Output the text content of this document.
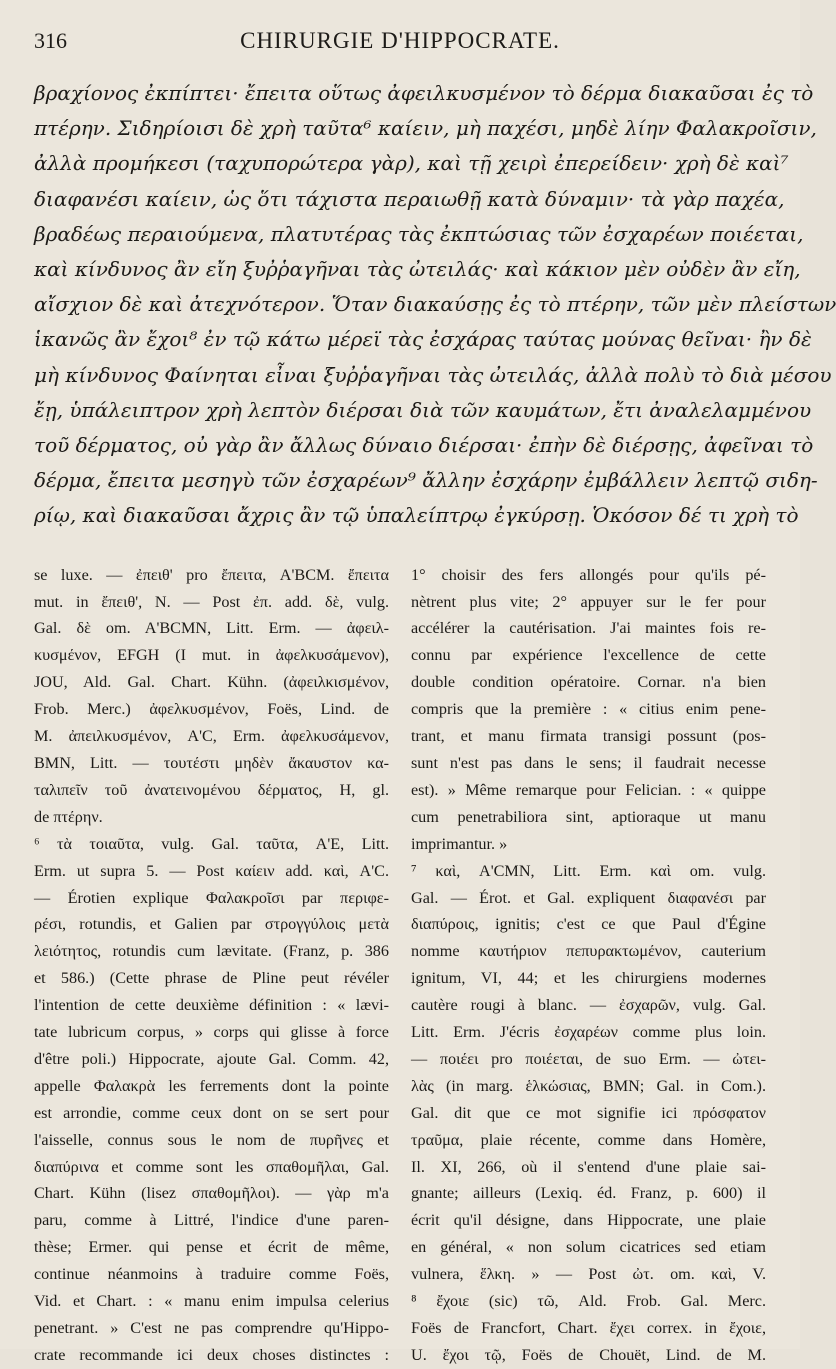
316	CHIRURGIE D'HIPPOCRATE.
βραχίονος ἐκπίπτει· ἔπειτα οὕτως ἀφειλκυσμένον τὸ δέρμα διακαῦσαι ἐς τὸ
πτέρην. Σιδηρίοισι δὲ χρὴ ταῦτα⁶ καίειν, μὴ παχέσι, μηδὲ λίην Φαλακροῖσιν,
ἀλλὰ προμήκεσι (ταχυπορώτερα γὰρ), καὶ τῇ χειρὶ ἐπερείδειν· χρὴ δὲ καὶ⁷
διαφανέσι καίειν, ὡς ὅτι τάχιστα περαιωθῇ κατὰ δύναμιν· τὰ γὰρ παχέα,
βραδέως περαιούμενα, πλατυτέρας τὰς ἐκπτώσιας τῶν ἐσχαρέων ποιέεται,
καὶ κίνδυνος ἂν εἴη ξυῤῥαγῆναι τὰς ὠτειλάς· καὶ κάκιον μὲν οὐδὲν ἂν εἴη,
αἴσχιον δὲ καὶ ἀτεχνότερον. Ὅταν διακαύσῃς ἐς τὸ πτέρην, τῶν μὲν πλείστων
ἱκανῶς ἂν ἔχοι⁸ ἐν τῷ κάτω μέρεϊ τὰς ἐσχάρας ταύτας μούνας θεῖναι· ἢν δὲ
μὴ κίνδυνος Φαίνηται εἶναι ξυῤῥαγῆναι τὰς ὠτειλάς, ἀλλὰ πολὺ τὸ διὰ μέσου
ἔῃ, ὑπάλειπτρον χρὴ λεπτὸν διέρσαι διὰ τῶν καυμάτων, ἔτι ἀναλελαμμένου
τοῦ δέρματος, οὐ γὰρ ἂν ἄλλως δύναιο διέρσαι· ἐπὴν δὲ διέρσῃς, ἀφεῖναι τὸ
δέρμα, ἔπειτα μεσηγὺ τῶν ἐσχαρέων⁹ ἄλλην ἐσχάρην ἐμβάλλειν λεπτῷ σιδη-
ρίῳ, καὶ διακαῦσαι ἄχρις ἂν τῷ ὑπαλείπτρῳ ἐγκύρσῃ. Ὁκόσον δέ τι χρὴ τὸ
se luxe. — ἐπειθ' pro ἔπειτα, A'BCM. ἔπειτα
mut. in ἔπειθ', N. — Post ἐπ. add. δὲ, vulg.
Gal. δὲ om. A'BCMN, Litt. Erm. — ἀφειλ-
κυσμένον, EFGH (I mut. in ἀφελκυσάμενον),
JOU, Ald. Gal. Chart. Kühn. (ἀφειλκισμένον,
Frob. Merc.) ἀφελκυσμένον, Foës, Lind. de
M. ἀπειλκυσμένον, A'C, Erm. ἀφελκυσάμενον,
BMN, Litt. — τουτέστι μηδὲν ἄκαυστον κα-
ταλιπεῖν τοῦ ἀνατεινομένου δέρματος, H, gl.
de πτέρην.
⁶ τὰ τοιαῦτα, vulg. Gal. ταῦτα, A'E, Litt.
Erm. ut supra 5. — Post καίειν add. καὶ, A'C.
— Érotien explique Φαλακροῖσι par περιφε-
ρέσι, rotundis, et Galien par στρογγύλοις μετὰ
λειότητος, rotundis cum lævitate. (Franz, p. 386
et 586.) (Cette phrase de Pline peut révéler
l'intention de cette deuxième définition : « lævi-
tate lubricum corpus, » corps qui glisse à force
d'être poli.) Hippocrate, ajoute Gal. Comm. 42,
appelle Φαλακρὰ les ferrements dont la pointe
est arrondie, comme ceux dont on se sert pour
l'aisselle, connus sous le nom de πυρῆνες et
διαπύρινα et comme sont les σπαθομῆλαι, Gal.
Chart. Kühn (lisez σπαθομῆλοι). — γὰρ m'a
paru, comme à Littré, l'indice d'une paren-
thèse; Ermer. qui pense et écrit de même,
continue néanmoins à traduire comme Foës,
Vid. et Chart. : « manu enim impulsa celerius
penetrant. » C'est ne pas comprendre qu'Hippo-
crate recommande ici deux choses distinctes :
1° choisir des fers allongés pour qu'ils pé-
nètrent plus vite; 2° appuyer sur le fer pour
accélérer la cautérisation. J'ai maintes fois re-
connu par expérience l'excellence de cette
double condition opératoire. Cornar. n'a bien
compris que la première : « citius enim pene-
trant, et manu firmata transigi possunt (pos-
sunt n'est pas dans le sens; il faudrait necesse
est). » Même remarque pour Felician. : « quippe
cum penetrabiliora sint, aptioraque ut manu
imprimantur. »
⁷ καὶ, A'CMN, Litt. Erm. καὶ om. vulg.
Gal. — Érot. et Gal. expliquent διαφανέσι par
διαπύροις, ignitis; c'est ce que Paul d'Égine
nomme καυτήριον πεπυρακτωμένον, cauterium
ignitum, VI, 44; et les chirurgiens modernes
cautère rougi à blanc. — ἐσχαρῶν, vulg. Gal.
Litt. Erm. J'écris ἐσχαρέων comme plus loin.
— ποιέει pro ποιέεται, de suo Erm. — ὠτει-
λὰς (in marg. ἑλκώσιας, BMN; Gal. in Com.).
Gal. dit que ce mot signifie ici πρόσφατον
τραῦμα, plaie récente, comme dans Homère,
Il. XI, 266, où il s'entend d'une plaie sai-
gnante; ailleurs (Lexiq. éd. Franz, p. 600) il
écrit qu'il désigne, dans Hippocrate, une plaie
en général, « non solum cicatrices sed etiam
vulnera, ἕλκη. » — Post ὠτ. om. καὶ, V.
⁸ ἔχοιε (sic) τῶ, Ald. Frob. Gal. Merc.
Foës de Francfort, Chart. ἔχει correx. in ἔχοιε,
U. ἔχοι τῷ, Foës de Chouët, Lind. de M.
